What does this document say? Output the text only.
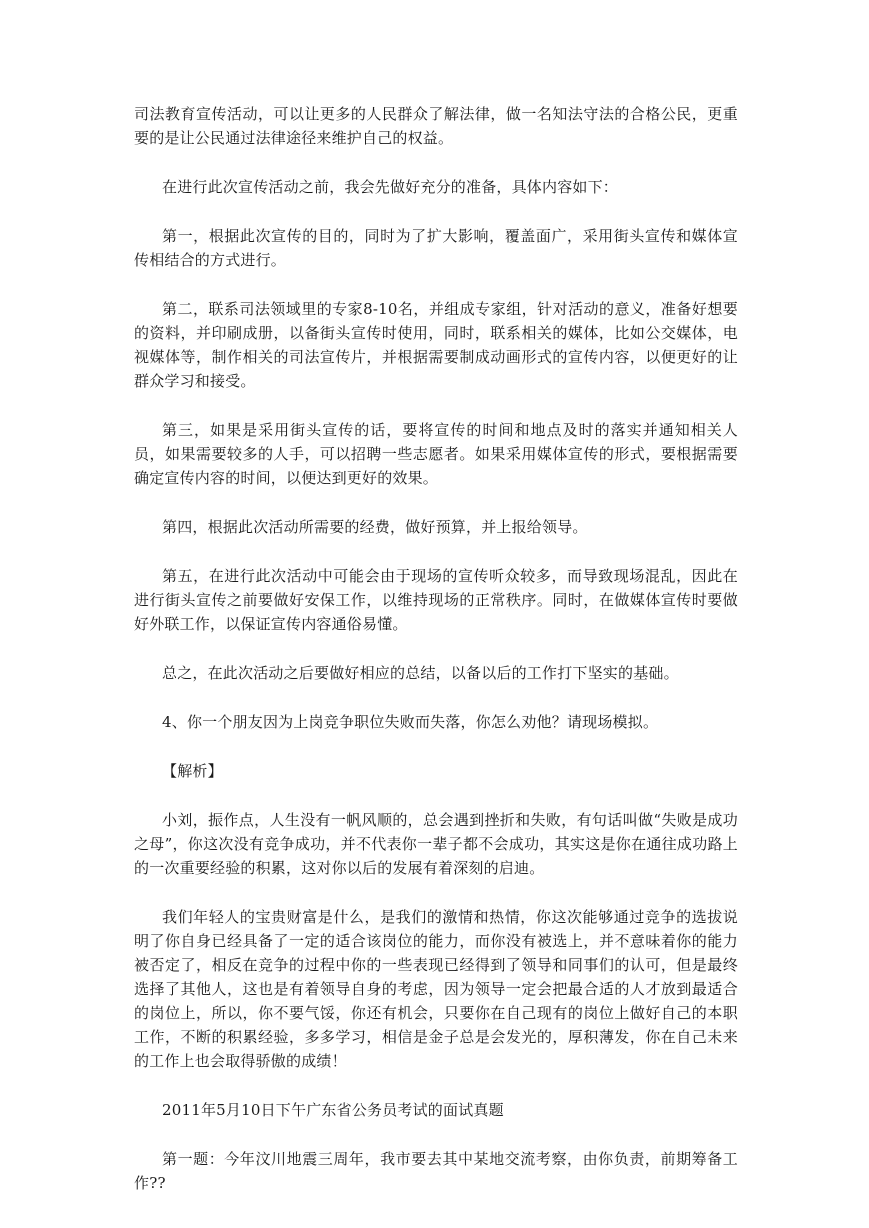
司法教育宣传活动，可以让更多的人民群众了解法律，做一名知法守法的合格公民，更重要的是让公民通过法律途径来维护自己的权益。

在进行此次宣传活动之前，我会先做好充分的准备，具体内容如下：

第一，根据此次宣传的目的，同时为了扩大影响，覆盖面广，采用街头宣传和媒体宣传相结合的方式进行。

第二，联系司法领域里的专家8-10名，并组成专家组，针对活动的意义，准备好想要的资料，并印刷成册，以备街头宣传时使用，同时，联系相关的媒体，比如公交媒体，电视媒体等，制作相关的司法宣传片，并根据需要制成动画形式的宣传内容，以便更好的让群众学习和接受。

第三，如果是采用街头宣传的话，要将宣传的时间和地点及时的落实并通知相关人员，如果需要较多的人手，可以招聘一些志愿者。如果采用媒体宣传的形式，要根据需要确定宣传内容的时间，以便达到更好的效果。

第四，根据此次活动所需要的经费，做好预算，并上报给领导。

第五，在进行此次活动中可能会由于现场的宣传听众较多，而导致现场混乱，因此在进行街头宣传之前要做好安保工作，以维持现场的正常秩序。同时，在做媒体宣传时要做好外联工作，以保证宣传内容通俗易懂。

总之，在此次活动之后要做好相应的总结，以备以后的工作打下坚实的基础。

4、你一个朋友因为上岗竞争职位失败而失落，你怎么劝他？请现场模拟。

【解析】

小刘，振作点，人生没有一帆风顺的，总会遇到挫折和失败，有句话叫做“失败是成功之母”，你这次没有竞争成功，并不代表你一辈子都不会成功，其实这是你在通往成功路上的一次重要经验的积累，这对你以后的发展有着深刻的启迪。

我们年轻人的宝贵财富是什么，是我们的激情和热情，你这次能够通过竞争的选拔说明了你自身已经具备了一定的适合该岗位的能力，而你没有被选上，并不意味着你的能力被否定了，相反在竞争的过程中你的一些表现已经得到了领导和同事们的认可，但是最终选择了其他人，这也是有着领导自身的考虑，因为领导一定会把最合适的人才放到最适合的岗位上，所以，你不要气馁，你还有机会，只要你在自己现有的岗位上做好自己的本职工作，不断的积累经验，多多学习，相信是金子总是会发光的，厚积薄发，你在自己未来的工作上也会取得骄傲的成绩！

2011年5月10日下午广东省公务员考试的面试真题

第一题：今年汶川地震三周年，我市要去其中某地交流考察，由你负责，前期筹备工作??
